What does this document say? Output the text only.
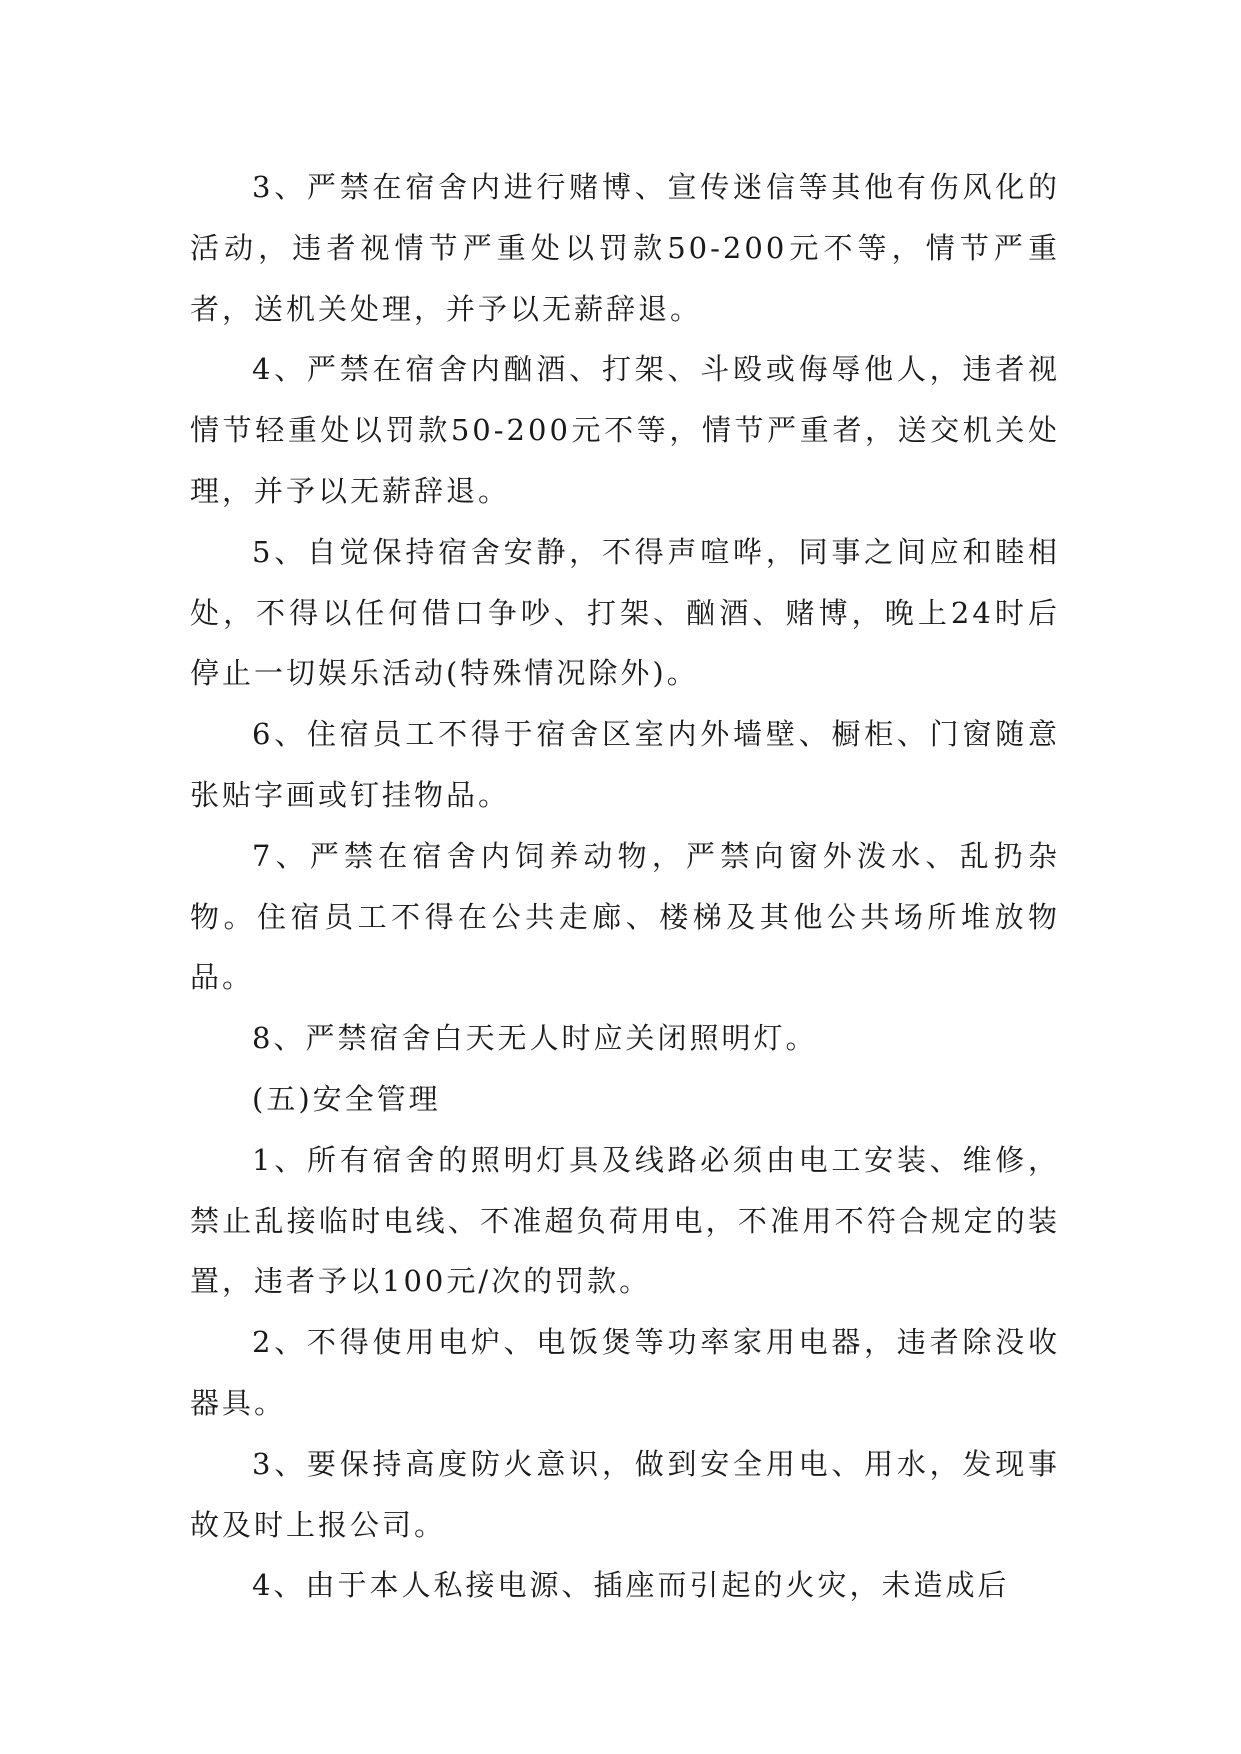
3、严禁在宿舍内进行赌博、宣传迷信等其他有伤风化的活动，违者视情节严重处以罚款50-200元不等，情节严重者，送机关处理，并予以无薪辞退。

4、严禁在宿舍内酗酒、打架、斗殴或侮辱他人，违者视情节轻重处以罚款50-200元不等，情节严重者，送交机关处理，并予以无薪辞退。

5、自觉保持宿舍安静，不得声喧哗，同事之间应和睦相处，不得以任何借口争吵、打架、酗酒、赌博，晚上24时后停止一切娱乐活动(特殊情况除外)。

6、住宿员工不得于宿舍区室内外墙壁、橱柜、门窗随意张贴字画或钉挂物品。

7、严禁在宿舍内饲养动物，严禁向窗外泼水、乱扔杂物。住宿员工不得在公共走廊、楼梯及其他公共场所堆放物品。

8、严禁宿舍白天无人时应关闭照明灯。

(五)安全管理

1、所有宿舍的照明灯具及线路必须由电工安装、维修，禁止乱接临时电线、不准超负荷用电，不准用不符合规定的装置，违者予以100元/次的罚款。

2、不得使用电炉、电饭煲等功率家用电器，违者除没收器具。

3、要保持高度防火意识，做到安全用电、用水，发现事故及时上报公司。

4、由于本人私接电源、插座而引起的火灾，未造成后
